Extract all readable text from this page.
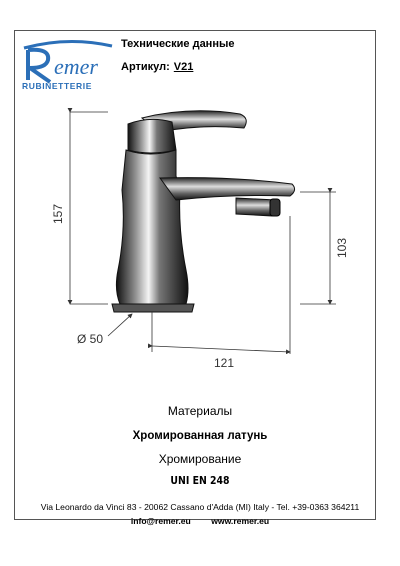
emer
RUBINETTERIE
Технические данные
Артикул: V21
157
103
Ø 50
121
Материалы
Хромированная латунь
Хромирование
UNI EN 248
Via Leonardo da Vinci 83 - 20062 Cassano d'Adda (MI) Italy - Tel. +39-0363 364211
info@remer.eu www.remer.eu
